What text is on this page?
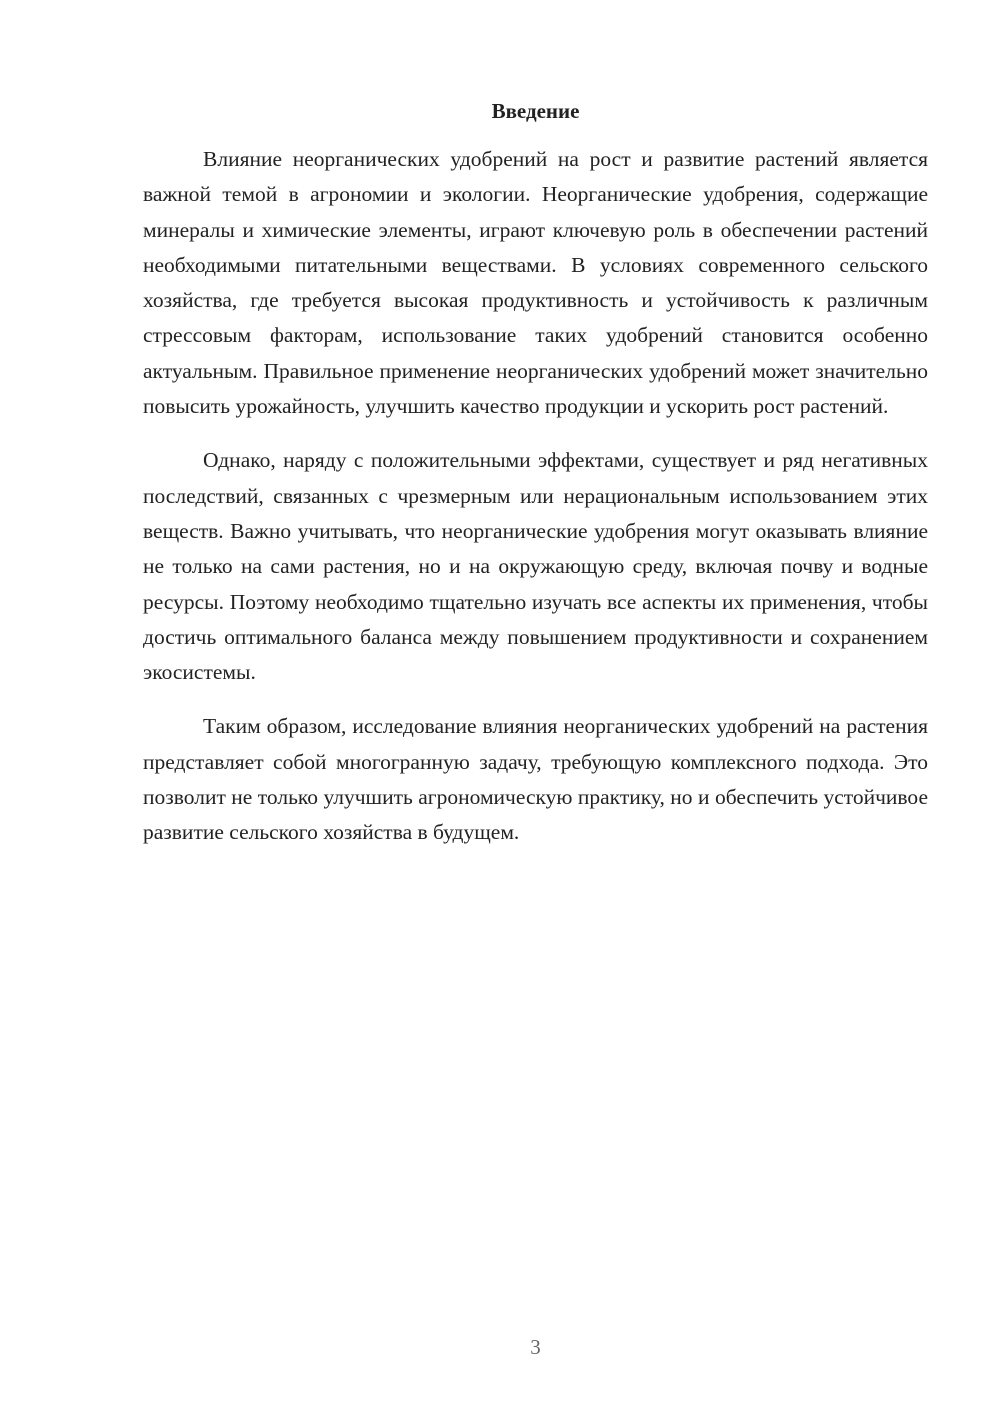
Введение

Влияние неорганических удобрений на рост и развитие растений является важной темой в агрономии и экологии. Неорганические удобрения, содержащие минералы и химические элементы, играют ключевую роль в обеспечении растений необходимыми питательными веществами. В условиях современного сельского хозяйства, где требуется высокая продуктивность и устойчивость к различным стрессовым факторам, использование таких удобрений становится особенно актуальным. Правильное применение неорганических удобрений может значительно повысить урожайность, улучшить качество продукции и ускорить рост растений.

Однако, наряду с положительными эффектами, существует и ряд негативных последствий, связанных с чрезмерным или нерациональным использованием этих веществ. Важно учитывать, что неорганические удобрения могут оказывать влияние не только на сами растения, но и на окружающую среду, включая почву и водные ресурсы. Поэтому необходимо тщательно изучать все аспекты их применения, чтобы достичь оптимального баланса между повышением продуктивности и сохранением экосистемы.

Таким образом, исследование влияния неорганических удобрений на растения представляет собой многогранную задачу, требующую комплексного подхода. Это позволит не только улучшить агрономическую практику, но и обеспечить устойчивое развитие сельского хозяйства в будущем.

3
